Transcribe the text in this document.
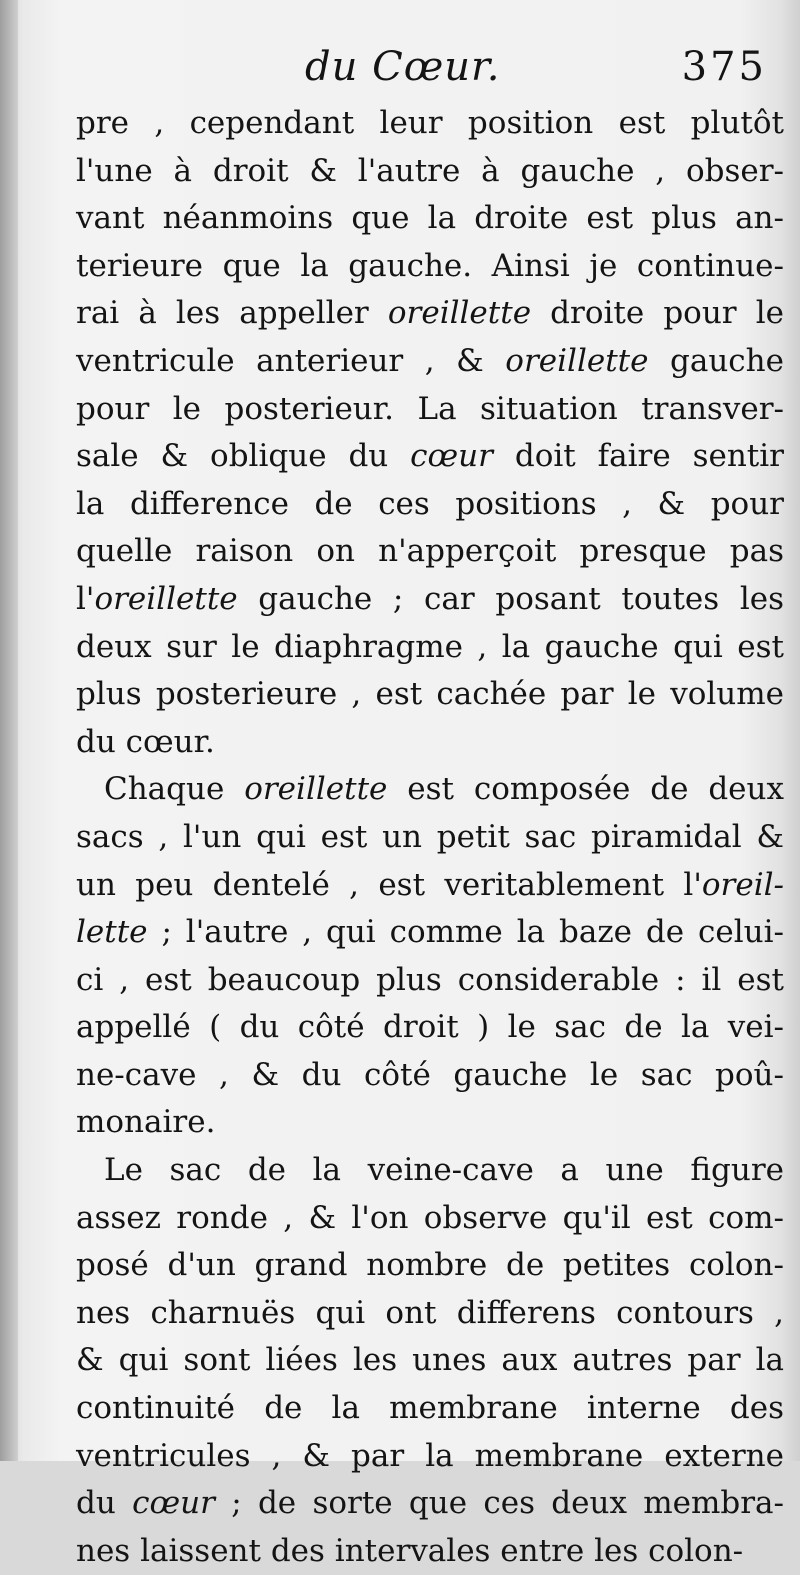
du Cœur.	375
pre , cependant leur position est plutôt
l'une à droit & l'autre à gauche , obser-
vant néanmoins que la droite est plus an-
terieure que la gauche. Ainsi je continue-
rai à les appeller oreillette droite pour le
ventricule anterieur , & oreillette gauche
pour le posterieur. La situation transver-
sale & oblique du cœur doit faire sentir
la difference de ces positions , & pour
quelle raison on n'apperçoit presque pas
l'oreillette gauche ; car posant toutes les
deux sur le diaphragme , la gauche qui est
plus posterieure , est cachée par le volume
du cœur.
Chaque oreillette est composée de deux
sacs , l'un qui est un petit sac piramidal &
un peu dentelé , est veritablement l'oreil-
lette ; l'autre , qui comme la baze de celui-
ci , est beaucoup plus considerable : il est
appellé ( du côté droit ) le sac de la vei-
ne-cave , & du côté gauche le sac poû-
monaire.
Le sac de la veine-cave a une figure
assez ronde , & l'on observe qu'il est com-
posé d'un grand nombre de petites colon-
nes charnuës qui ont differens contours ,
& qui sont liées les unes aux autres par la
continuité de la membrane interne des
ventricules , & par la membrane externe
du cœur ; de sorte que ces deux membra-
nes laissent des intervales entre les colon-
